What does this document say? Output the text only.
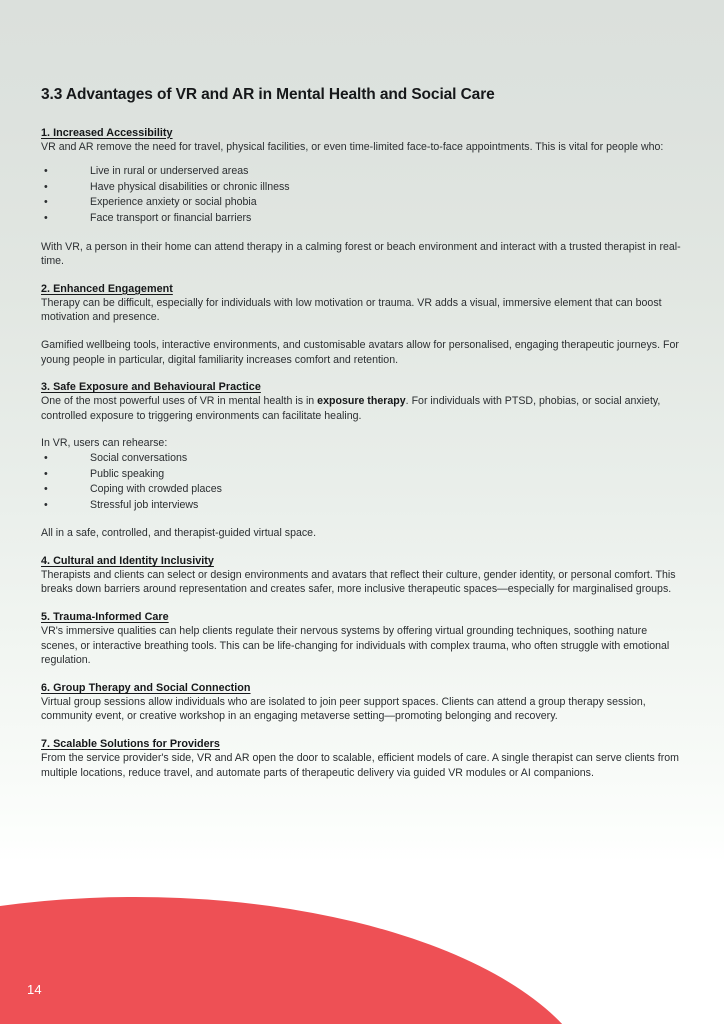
3.3 Advantages of VR and AR in Mental Health and Social Care
1. Increased Accessibility

VR and AR remove the need for travel, physical facilities, or even time-limited face-to-face appointments. This is vital for people who:

•	Live in rural or underserved areas
•	Have physical disabilities or chronic illness
•	Experience anxiety or social phobia
•	Face transport or financial barriers

With VR, a person in their home can attend therapy in a calming forest or beach environment and interact with a trusted therapist in real-time.

2. Enhanced Engagement

Therapy can be difficult, especially for individuals with low motivation or trauma. VR adds a visual, immersive element that can boost motivation and presence.

Gamified wellbeing tools, interactive environments, and customisable avatars allow for personalised, engaging therapeutic journeys. For young people in particular, digital familiarity increases comfort and retention.

3. Safe Exposure and Behavioural Practice

One of the most powerful uses of VR in mental health is in exposure therapy. For individuals with PTSD, phobias, or social anxiety, controlled exposure to triggering environments can facilitate healing.

In VR, users can rehearse:

•	Social conversations
•	Public speaking
•	Coping with crowded places
•	Stressful job interviews

All in a safe, controlled, and therapist-guided virtual space.

4. Cultural and Identity Inclusivity

Therapists and clients can select or design environments and avatars that reflect their culture, gender identity, or personal comfort. This breaks down barriers around representation and creates safer, more inclusive therapeutic spaces—especially for marginalised groups.

5. Trauma-Informed Care

VR's immersive qualities can help clients regulate their nervous systems by offering virtual grounding techniques, soothing nature scenes, or interactive breathing tools. This can be life-changing for individuals with complex trauma, who often struggle with emotional regulation.

6. Group Therapy and Social Connection

Virtual group sessions allow individuals who are isolated to join peer support spaces. Clients can attend a group therapy session, community event, or creative workshop in an engaging metaverse setting—promoting belonging and recovery.

7. Scalable Solutions for Providers

From the service provider's side, VR and AR open the door to scalable, efficient models of care. A single therapist can serve clients from multiple locations, reduce travel, and automate parts of therapeutic delivery via guided VR modules or AI companions.

14
